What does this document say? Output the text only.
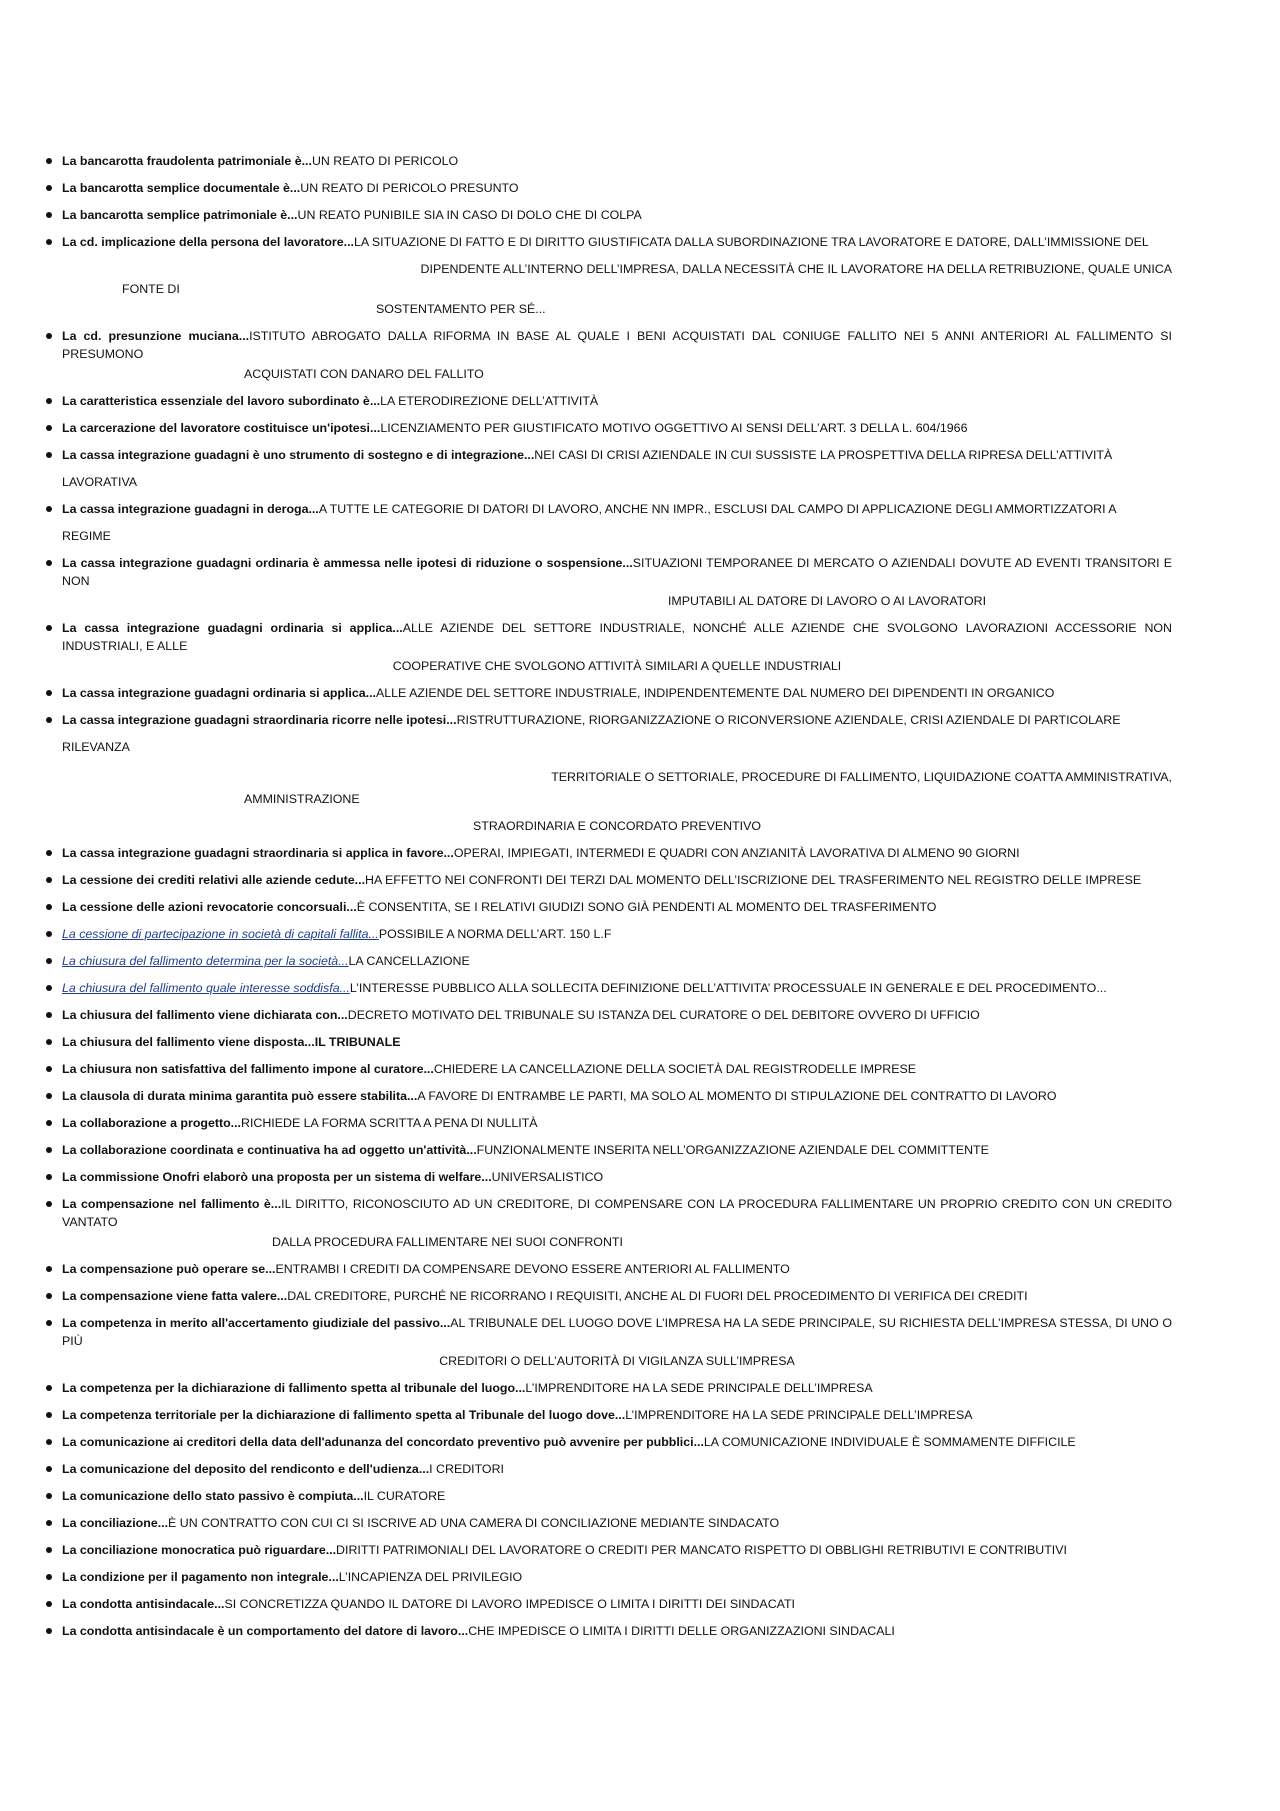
La bancarotta fraudolenta patrimoniale è...UN REATO DI PERICOLO
La bancarotta semplice documentale è...UN REATO DI PERICOLO PRESUNTO
La bancarotta semplice patrimoniale è...UN REATO PUNIBILE SIA IN CASO DI DOLO CHE DI COLPA
La cd. implicazione della persona del lavoratore...LA SITUAZIONE DI FATTO E DI DIRITTO GIUSTIFICATA DALLA SUBORDINAZIONE TRA LAVORATORE E DATORE, DALL’IMMISSIONE DEL
DIPENDENTE ALL’INTERNO DELL’IMPRESA, DALLA NECESSITÀ CHE IL LAVORATORE HA DELLA RETRIBUZIONE, QUALE UNICA
FONTE DI
SOSTENTAMENTO PER SÉ...
La cd. presunzione muciana...ISTITUTO ABROGATO DALLA RIFORMA IN BASE AL QUALE I BENI ACQUISTATI DAL CONIUGE FALLITO NEI 5 ANNI ANTERIORI AL FALLIMENTO SI PRESUMONO
ACQUISTATI CON DANARO DEL FALLITO
La caratteristica essenziale del lavoro subordinato è...LA ETERODIREZIONE DELL’ATTIVITÀ
La carcerazione del lavoratore costituisce un'ipotesi...LICENZIAMENTO PER GIUSTIFICATO MOTIVO OGGETTIVO AI SENSI DELL’ART. 3 DELLA L. 604/1966
La cassa integrazione guadagni è uno strumento di sostegno e di integrazione...NEI CASI DI CRISI AZIENDALE IN CUI SUSSISTE LA PROSPETTIVA DELLA RIPRESA DELL’ATTIVITÀ
LAVORATIVA
La cassa integrazione guadagni in deroga...A TUTTE LE CATEGORIE DI DATORI DI LAVORO, ANCHE NN IMPR., ESCLUSI DAL CAMPO DI APPLICAZIONE DEGLI AMMORTIZZATORI A
REGIME
La cassa integrazione guadagni ordinaria è ammessa nelle ipotesi di riduzione o sospensione...SITUAZIONI TEMPORANEE DI MERCATO O AZIENDALI DOVUTE AD EVENTI TRANSITORI E NON
IMPUTABILI AL DATORE DI LAVORO O AI LAVORATORI
La cassa integrazione guadagni ordinaria si applica...ALLE AZIENDE DEL SETTORE INDUSTRIALE, NONCHÉ ALLE AZIENDE CHE SVOLGONO LAVORAZIONI ACCESSORIE NON INDUSTRIALI, E ALLE
COOPERATIVE CHE SVOLGONO ATTIVITÀ SIMILARI A QUELLE INDUSTRIALI
La cassa integrazione guadagni ordinaria si applica...ALLE AZIENDE DEL SETTORE INDUSTRIALE, INDIPENDENTEMENTE DAL NUMERO DEI DIPENDENTI IN ORGANICO
La cassa integrazione guadagni straordinaria ricorre nelle ipotesi...RISTRUTTURAZIONE, RIORGANIZZAZIONE O RICONVERSIONE AZIENDALE, CRISI AZIENDALE DI PARTICOLARE
RILEVANZA
TERRITORIALE O SETTORIALE, PROCEDURE DI FALLIMENTO, LIQUIDAZIONE COATTA AMMINISTRATIVA,
AMMINISTRAZIONE
STRAORDINARIA E CONCORDATO PREVENTIVO
La cassa integrazione guadagni straordinaria si applica in favore...OPERAI, IMPIEGATI, INTERMEDI E QUADRI CON ANZIANITÀ LAVORATIVA DI ALMENO 90 GIORNI
La cessione dei crediti relativi alle aziende cedute...HA EFFETTO NEI CONFRONTI DEI TERZI DAL MOMENTO DELL’ISCRIZIONE DEL TRASFERIMENTO NEL REGISTRO DELLE IMPRESE
La cessione delle azioni revocatorie concorsuali...È CONSENTITA, SE I RELATIVI GIUDIZI SONO GIÀ PENDENTI AL MOMENTO DEL TRASFERIMENTO
La cessione di partecipazione in società di capitali fallita...POSSIBILE A NORMA DELL’ART. 150 L.F
La chiusura del fallimento determina per la società...LA CANCELLAZIONE
La chiusura del fallimento quale interesse soddisfa...L’INTERESSE PUBBLICO ALLA SOLLECITA DEFINIZIONE DELL’ATTIVITA’ PROCESSUALE IN GENERALE E DEL PROCEDIMENTO...
La chiusura del fallimento viene dichiarata con...DECRETO MOTIVATO DEL TRIBUNALE SU ISTANZA DEL CURATORE O DEL DEBITORE OVVERO DI UFFICIO
La chiusura del fallimento viene disposta...IL TRIBUNALE
La chiusura non satisfattiva del fallimento impone al curatore...CHIEDERE LA CANCELLAZIONE DELLA SOCIETÀ DAL REGISTRODELLE IMPRESE
La clausola di durata minima garantita può essere stabilita...A FAVORE DI ENTRAMBE LE PARTI, MA SOLO AL MOMENTO DI STIPULAZIONE DEL CONTRATTO DI LAVORO
La collaborazione a progetto...RICHIEDE LA FORMA SCRITTA A PENA DI NULLITÀ
La collaborazione coordinata e continuativa ha ad oggetto un'attività...FUNZIONALMENTE INSERITA NELL’ORGANIZZAZIONE AZIENDALE DEL COMMITTENTE
La commissione Onofri elaborò una proposta per un sistema di welfare...UNIVERSALISTICO
La compensazione nel fallimento è...IL DIRITTO, RICONOSCIUTO AD UN CREDITORE, DI COMPENSARE CON LA PROCEDURA FALLIMENTARE UN PROPRIO CREDITO CON UN CREDITO VANTATO
DALLA PROCEDURA FALLIMENTARE NEI SUOI CONFRONTI
La compensazione può operare se...ENTRAMBI I CREDITI DA COMPENSARE DEVONO ESSERE ANTERIORI AL FALLIMENTO
La compensazione viene fatta valere...DAL CREDITORE, PURCHÉ NE RICORRANO I REQUISITI, ANCHE AL DI FUORI DEL PROCEDIMENTO DI VERIFICA DEI CREDITI
La competenza in merito all'accertamento giudiziale del passivo...AL TRIBUNALE DEL LUOGO DOVE L’IMPRESA HA LA SEDE PRINCIPALE, SU RICHIESTA DELL’IMPRESA STESSA, DI UNO O PIÙ
CREDITORI O DELL’AUTORITÀ DI VIGILANZA SULL’IMPRESA
La competenza per la dichiarazione di fallimento spetta al tribunale del luogo...L’IMPRENDITORE HA LA SEDE PRINCIPALE DELL’IMPRESA
La competenza territoriale per la dichiarazione di fallimento spetta al Tribunale del luogo dove...L’IMPRENDITORE HA LA SEDE PRINCIPALE DELL’IMPRESA
La comunicazione ai creditori della data dell'adunanza del concordato preventivo può avvenire per pubblici...LA COMUNICAZIONE INDIVIDUALE È SOMMAMENTE DIFFICILE
La comunicazione del deposito del rendiconto e dell'udienza...I CREDITORI
La comunicazione dello stato passivo è compiuta...IL CURATORE
La conciliazione...È UN CONTRATTO CON CUI CI SI ISCRIVE AD UNA CAMERA DI CONCILIAZIONE MEDIANTE SINDACATO
La conciliazione monocratica può riguardare...DIRITTI PATRIMONIALI DEL LAVORATORE O CREDITI PER MANCATO RISPETTO DI OBBLIGHI RETRIBUTIVI E CONTRIBUTIVI
La condizione per il pagamento non integrale...L’INCAPIENZA DEL PRIVILEGIO
La condotta antisindacale...SI CONCRETIZZA QUANDO IL DATORE DI LAVORO IMPEDISCE O LIMITA I DIRITTI DEI SINDACATI
La condotta antisindacale è un comportamento del datore di lavoro...CHE IMPEDISCE O LIMITA I DIRITTI DELLE ORGANIZZAZIONI SINDACALI
